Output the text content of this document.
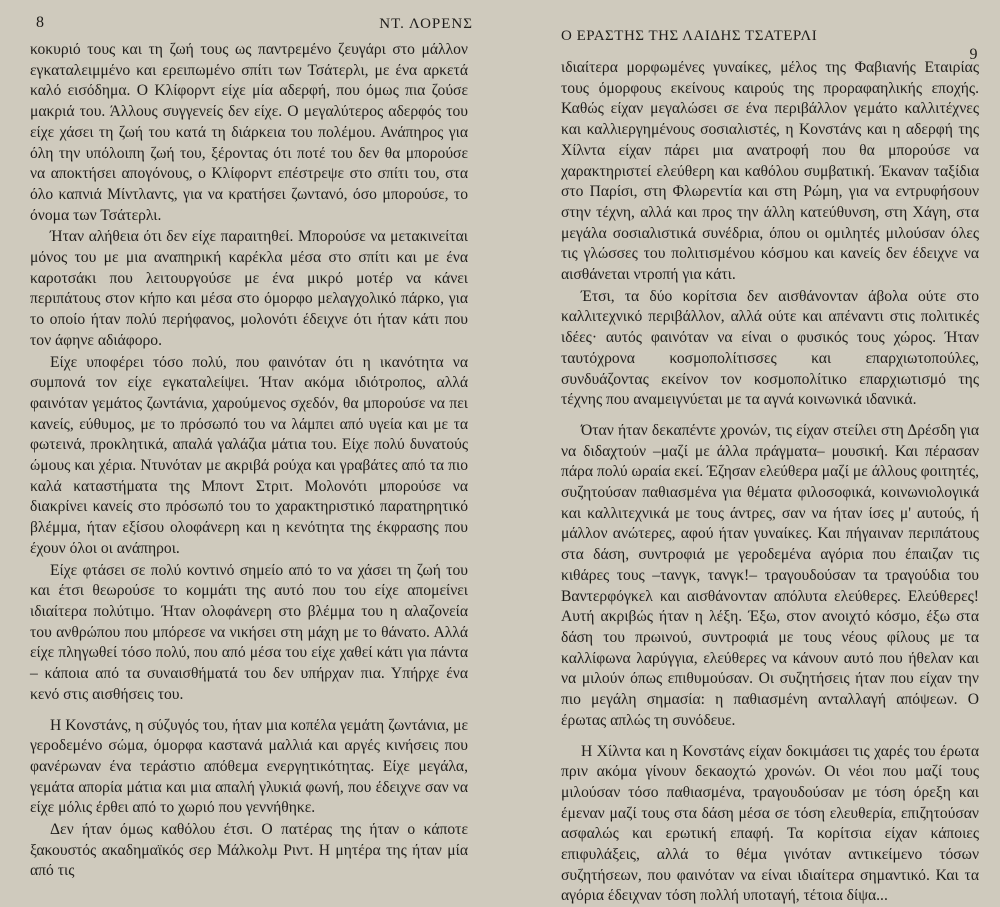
8	ΝΤ. ΛΟΡΕΝΣ

κοκυριό τους και τη ζωή τους ως παντρεμένο ζευγάρι στο μάλλον εγκαταλειμμένο και ερειπωμένο σπίτι των Τσάτερλι, με ένα αρκετά καλό εισόδημα. Ο Κλίφορντ είχε μία αδερφή, που όμως πια ζούσε μακριά του. Άλλους συγγενείς δεν είχε. Ο μεγαλύτερος αδερφός του είχε χάσει τη ζωή του κατά τη διάρκεια του πολέμου. Ανάπηρος για όλη την υπόλοιπη ζωή του, ξέροντας ότι ποτέ του δεν θα μπορούσε να αποκτήσει απογόνους, ο Κλίφορντ επέστρεψε στο σπίτι του, στα όλο καπνιά Μίντλαντς, για να κρατήσει ζωντανό, όσο μπορούσε, το όνομα των Τσάτερλι.

Ήταν αλήθεια ότι δεν είχε παραιτηθεί. Μπορούσε να μετακινείται μόνος του με μια αναπηρική καρέκλα μέσα στο σπίτι και με ένα καροτσάκι που λειτουργούσε με ένα μικρό μοτέρ να κάνει περιπάτους στον κήπο και μέσα στο όμορφο μελαγχολικό πάρκο, για το οποίο ήταν πολύ περήφανος, μολονότι έδειχνε ότι ήταν κάτι που τον άφηνε αδιάφορο.

Είχε υποφέρει τόσο πολύ, που φαινόταν ότι η ικανότητα να συμπονά τον είχε εγκαταλείψει. Ήταν ακόμα ιδιότροπος, αλλά φαινόταν γεμάτος ζωντάνια, χαρούμενος σχεδόν, θα μπορούσε να πει κανείς, εύθυμος, με το πρόσωπό του να λάμπει από υγεία και με τα φωτεινά, προκλητικά, απαλά γαλάζια μάτια του. Είχε πολύ δυνατούς ώμους και χέρια. Ντυνόταν με ακριβά ρούχα και γραβάτες από τα πιο καλά καταστήματα της Μποντ Στριτ. Μολονότι μπορούσε να διακρίνει κανείς στο πρόσωπό του το χαρακτηριστικό παρατηρητικό βλέμμα, ήταν εξίσου ολοφάνερη και η κενότητα της έκφρασης που έχουν όλοι οι ανάπηροι.

Είχε φτάσει σε πολύ κοντινό σημείο από το να χάσει τη ζωή του και έτσι θεωρούσε το κομμάτι της αυτό που του είχε απομείνει ιδιαίτερα πολύτιμο. Ήταν ολοφάνερη στο βλέμμα του η αλαζονεία του ανθρώπου που μπόρεσε να νικήσει στη μάχη με το θάνατο. Αλλά είχε πληγωθεί τόσο πολύ, που από μέσα του είχε χαθεί κάτι για πάντα – κάποια από τα συναισθήματά του δεν υπήρχαν πια. Υπήρχε ένα κενό στις αισθήσεις του.

Η Κονστάνς, η σύζυγός του, ήταν μια κοπέλα γεμάτη ζωντάνια, με γεροδεμένο σώμα, όμορφα καστανά μαλλιά και αργές κινήσεις που φανέρωναν ένα τεράστιο απόθεμα ενεργητικότητας. Είχε μεγάλα, γεμάτα απορία μάτια και μια απαλή γλυκιά φωνή, που έδειχνε σαν να είχε μόλις έρθει από το χωριό που γεννήθηκε.

Δεν ήταν όμως καθόλου έτσι. Ο πατέρας της ήταν ο κάποτε ξακουστός ακαδημαϊκός σερ Μάλκολμ Ριντ. Η μητέρα της ήταν μία από τις

Ο ΕΡΑΣΤΗΣ ΤΗΣ ΛΑΙΔΗΣ ΤΣΑΤΕΡΛΙ
9

ιδιαίτερα μορφωμένες γυναίκες, μέλος της Φαβιανής Εταιρίας τους όμορφους εκείνους καιρούς της προραφαηλικής εποχής. Καθώς είχαν μεγαλώσει σε ένα περιβάλλον γεμάτο καλλιτέχνες και καλλιεργημένους σοσιαλιστές, η Κονστάνς και η αδερφή της Χίλντα είχαν πάρει μια ανατροφή που θα μπορούσε να χαρακτηριστεί ελεύθερη και καθόλου συμβατική. Έκαναν ταξίδια στο Παρίσι, στη Φλωρεντία και στη Ρώμη, για να εντρυφήσουν στην τέχνη, αλλά και προς την άλλη κατεύθυνση, στη Χάγη, στα μεγάλα σοσιαλιστικά συνέδρια, όπου οι ομιλητές μιλούσαν όλες τις γλώσσες του πολιτισμένου κόσμου και κανείς δεν έδειχνε να αισθάνεται ντροπή για κάτι.

Έτσι, τα δύο κορίτσια δεν αισθάνονταν άβολα ούτε στο καλλιτεχνικό περιβάλλον, αλλά ούτε και απέναντι στις πολιτικές ιδέες· αυτός φαινόταν να είναι ο φυσικός τους χώρος. Ήταν ταυτόχρονα κοσμοπολίτισσες και επαρχιωτοπούλες, συνδυάζοντας εκείνον τον κοσμοπολίτικο επαρχιωτισμό της τέχνης που αναμειγνύεται με τα αγνά κοινωνικά ιδανικά.

Όταν ήταν δεκαπέντε χρονών, τις είχαν στείλει στη Δρέσδη για να διδαχτούν –μαζί με άλλα πράγματα– μουσική. Και πέρασαν πάρα πολύ ωραία εκεί. Έζησαν ελεύθερα μαζί με άλλους φοιτητές, συζητούσαν παθιασμένα για θέματα φιλοσοφικά, κοινωνιολογικά και καλλιτεχνικά με τους άντρες, σαν να ήταν ίσες μ' αυτούς, ή μάλλον ανώτερες, αφού ήταν γυναίκες. Και πήγαιναν περιπάτους στα δάση, συντροφιά με γεροδεμένα αγόρια που έπαιζαν τις κιθάρες τους –τανγκ, τανγκ!– τραγουδούσαν τα τραγούδια του Βαντερφόγκελ και αισθάνονταν απόλυτα ελεύθερες. Ελεύθερες! Αυτή ακριβώς ήταν η λέξη. Έξω, στον ανοιχτό κόσμο, έξω στα δάση του πρωινού, συντροφιά με τους νέους φίλους με τα καλλίφωνα λαρύγγια, ελεύθερες να κάνουν αυτό που ήθελαν και να μιλούν όπως επιθυμούσαν. Οι συζητήσεις ήταν που είχαν την πιο μεγάλη σημασία: η παθιασμένη ανταλλαγή απόψεων. Ο έρωτας απλώς τη συνόδευε.

Η Χίλντα και η Κονστάνς είχαν δοκιμάσει τις χαρές του έρωτα πριν ακόμα γίνουν δεκαοχτώ χρονών. Οι νέοι που μαζί τους μιλούσαν τόσο παθιασμένα, τραγουδούσαν με τόση όρεξη και έμεναν μαζί τους στα δάση μέσα σε τόση ελευθερία, επιζητούσαν ασφαλώς και ερωτική επαφή. Τα κορίτσια είχαν κάποιες επιφυλάξεις, αλλά το θέμα γινόταν αντικείμενο τόσων συζητήσεων, που φαινόταν να είναι ιδιαίτερα σημαντικό. Και τα αγόρια έδειχναν τόση πολλή υποταγή, τέτοια δίψα...
